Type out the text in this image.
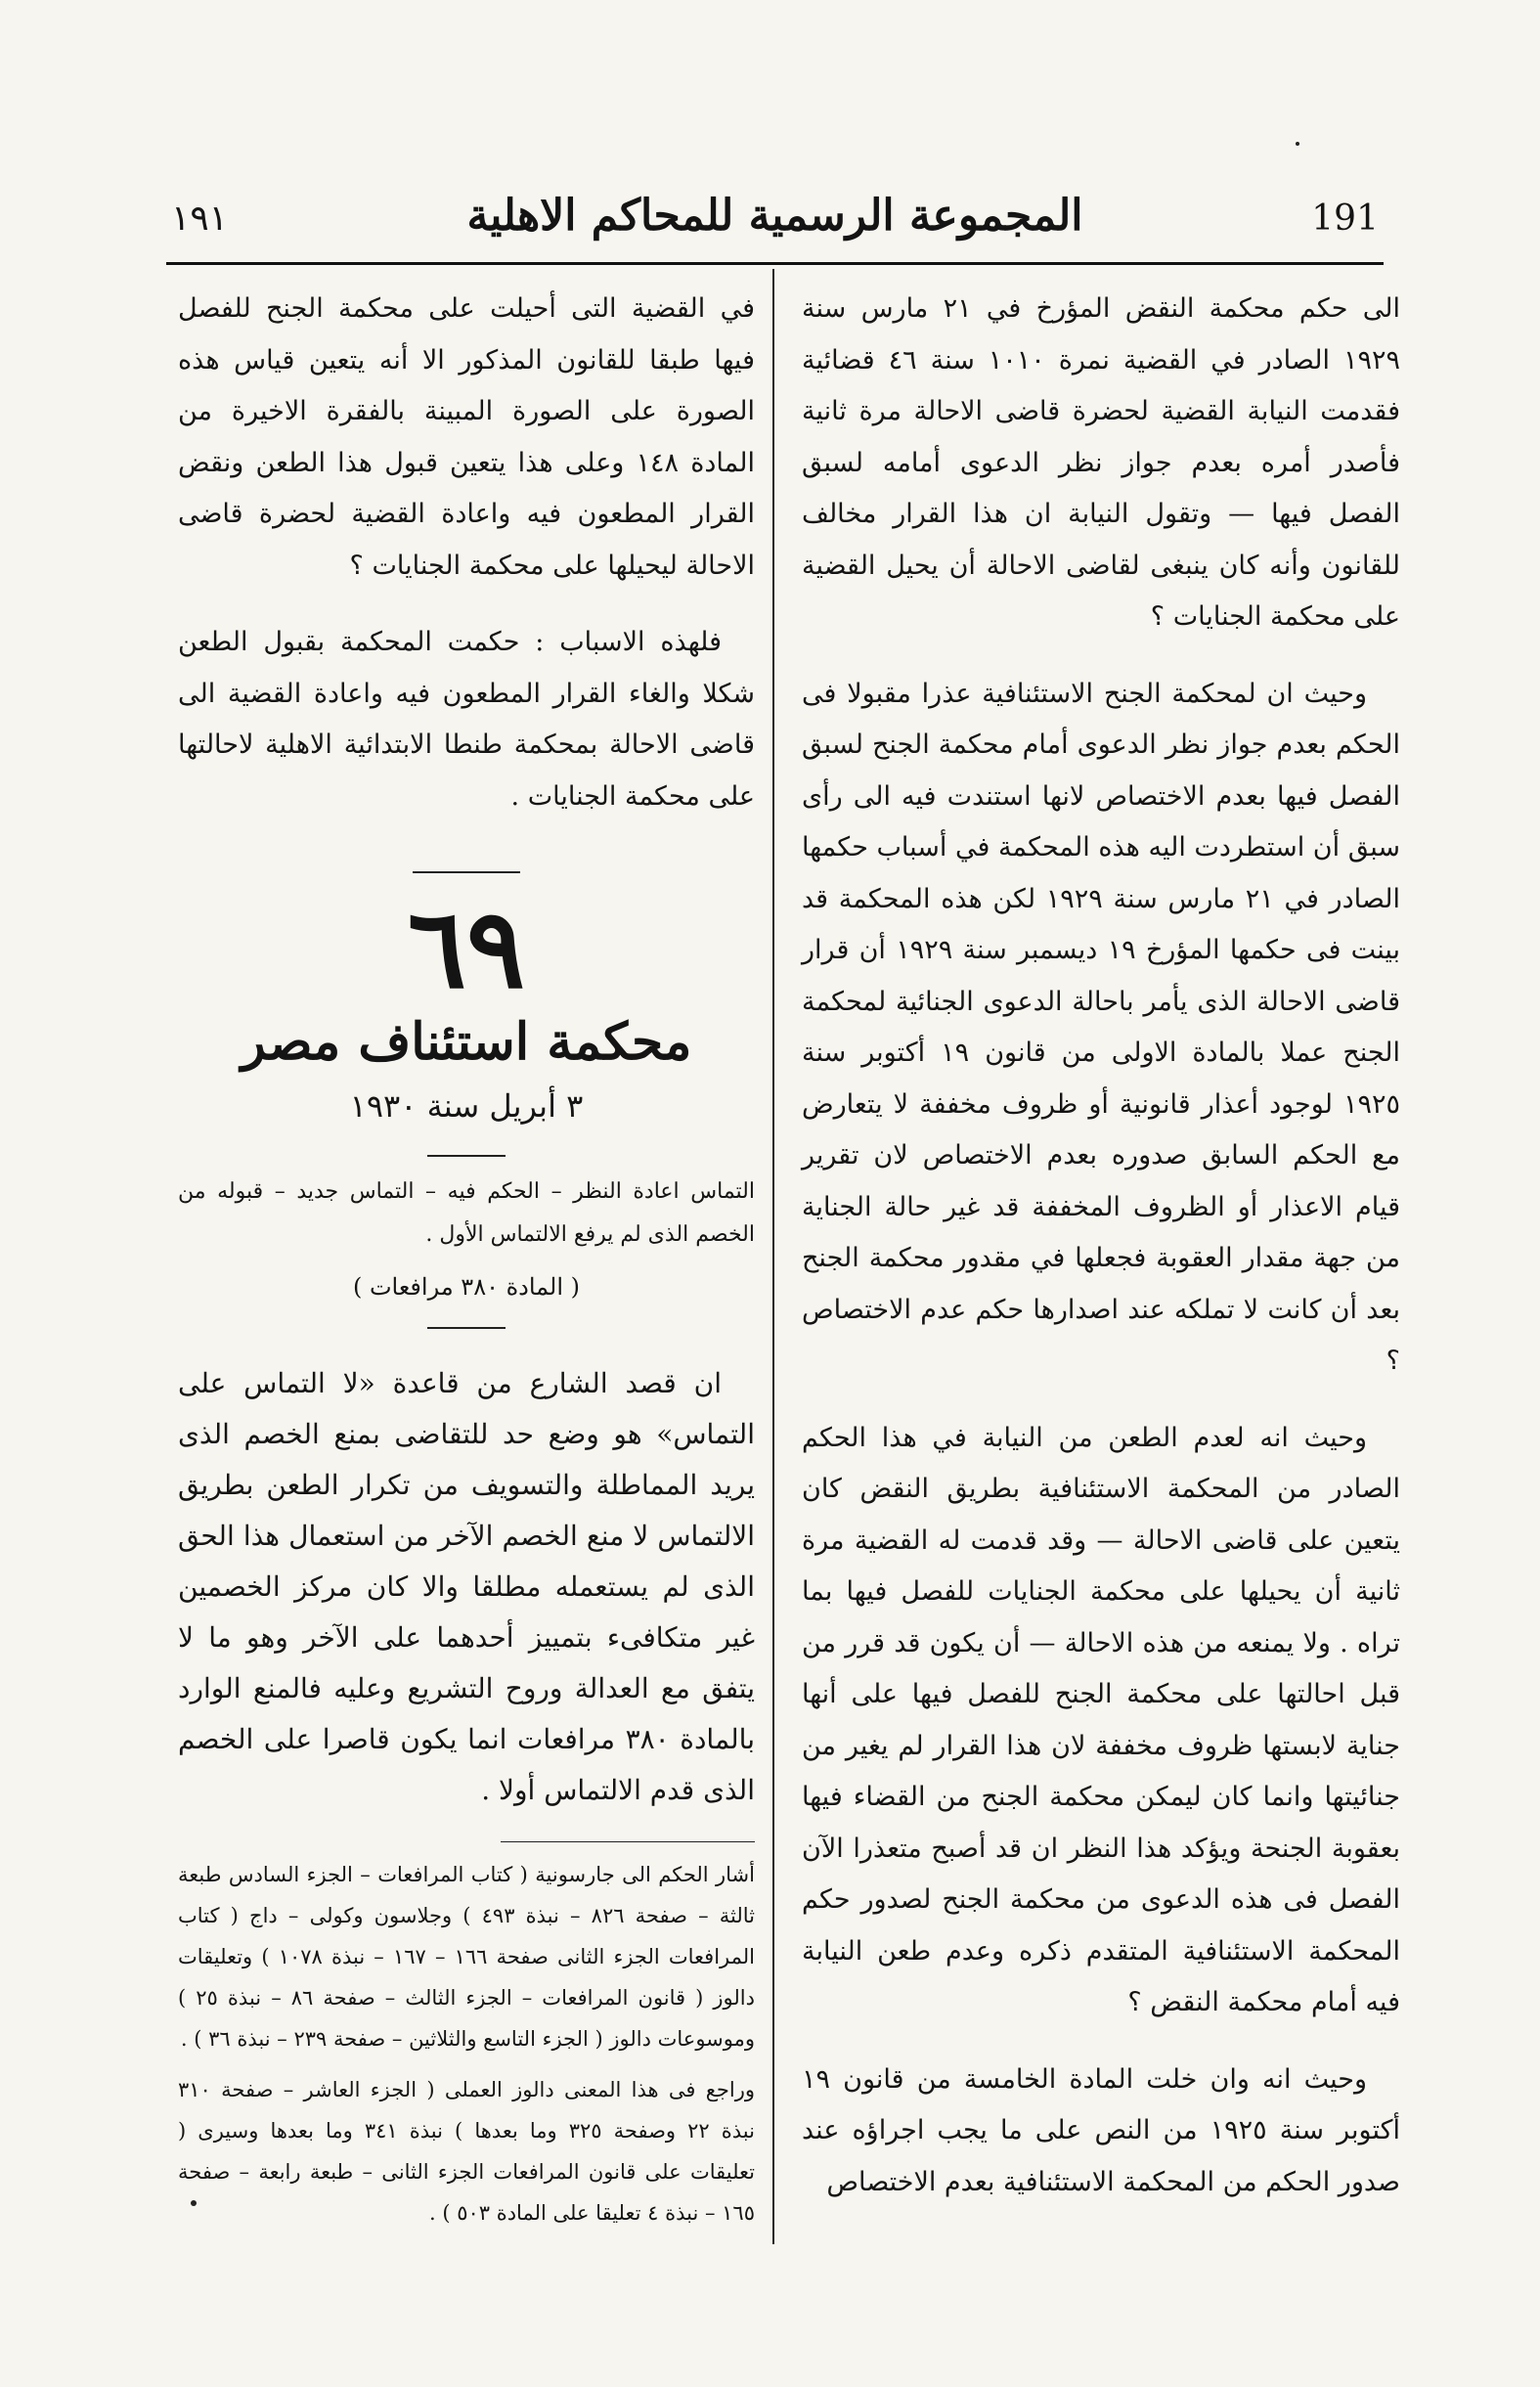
191
المجموعة الرسمية للمحاكم الاهلية
١٩١

الى حكم محكمة النقض المؤرخ في ٢١ مارس سنة ١٩٢٩ الصادر في القضية نمرة ١٠١٠ سنة ٤٦ قضائية فقدمت النيابة القضية لحضرة قاضى الاحالة مرة ثانية فأصدر أمره بعدم جواز نظر الدعوى أمامه لسبق الفصل فيها — وتقول النيابة ان هذا القرار مخالف للقانون وأنه كان ينبغى لقاضى الاحالة أن يحيل القضية على محكمة الجنايات ؟

وحيث ان لمحكمة الجنح الاستئنافية عذرا مقبولا فى الحكم بعدم جواز نظر الدعوى أمام محكمة الجنح لسبق الفصل فيها بعدم الاختصاص لانها استندت فيه الى رأى سبق أن استطردت اليه هذه المحكمة في أسباب حكمها الصادر في ٢١ مارس سنة ١٩٢٩ لكن هذه المحكمة قد بينت فى حكمها المؤرخ ١٩ ديسمبر سنة ١٩٢٩ أن قرار قاضى الاحالة الذى يأمر باحالة الدعوى الجنائية لمحكمة الجنح عملا بالمادة الاولى من قانون ١٩ أكتوبر سنة ١٩٢٥ لوجود أعذار قانونية أو ظروف مخففة لا يتعارض مع الحكم السابق صدوره بعدم الاختصاص لان تقرير قيام الاعذار أو الظروف المخففة قد غير حالة الجناية من جهة مقدار العقوبة فجعلها في مقدور محكمة الجنح بعد أن كانت لا تملكه عند اصدارها حكم عدم الاختصاص ؟

وحيث انه لعدم الطعن من النيابة في هذا الحكم الصادر من المحكمة الاستئنافية بطريق النقض كان يتعين على قاضى الاحالة — وقد قدمت له القضية مرة ثانية أن يحيلها على محكمة الجنايات للفصل فيها بما تراه . ولا يمنعه من هذه الاحالة — أن يكون قد قرر من قبل احالتها على محكمة الجنح للفصل فيها على أنها جناية لابستها ظروف مخففة لان هذا القرار لم يغير من جنائيتها وانما كان ليمكن محكمة الجنح من القضاء فيها بعقوبة الجنحة ويؤكد هذا النظر ان قد أصبح متعذرا الآن الفصل فى هذه الدعوى من محكمة الجنح لصدور حكم المحكمة الاستئنافية المتقدم ذكره وعدم طعن النيابة فيه أمام محكمة النقض ؟

وحيث انه وان خلت المادة الخامسة من قانون ١٩ أكتوبر سنة ١٩٢٥ من النص على ما يجب اجراؤه عند صدور الحكم من المحكمة الاستئنافية بعدم الاختصاص

في القضية التى أحيلت على محكمة الجنح للفصل فيها طبقا للقانون المذكور الا أنه يتعين قياس هذه الصورة على الصورة المبينة بالفقرة الاخيرة من المادة ١٤٨ وعلى هذا يتعين قبول هذا الطعن ونقض القرار المطعون فيه واعادة القضية لحضرة قاضى الاحالة ليحيلها على محكمة الجنايات ؟

فلهذه الاسباب : حكمت المحكمة بقبول الطعن شكلا والغاء القرار المطعون فيه واعادة القضية الى قاضى الاحالة بمحكمة طنطا الابتدائية الاهلية لاحالتها على محكمة الجنايات .

٦٩
محكمة استئناف مصر
٣ أبريل سنة ١٩٣٠
التماس اعادة النظر – الحكم فيه – التماس جديد – قبوله من الخصم الذى لم يرفع الالتماس الأول .
( المادة ٣٨٠ مرافعات )

ان قصد الشارع من قاعدة «لا التماس على التماس» هو وضع حد للتقاضى بمنع الخصم الذى يريد المماطلة والتسويف من تكرار الطعن بطريق الالتماس لا منع الخصم الآخر من استعمال هذا الحق الذى لم يستعمله مطلقا والا كان مركز الخصمين غير متكافىء بتمييز أحدهما على الآخر وهو ما لا يتفق مع العدالة وروح التشريع وعليه فالمنع الوارد بالمادة ٣٨٠ مرافعات انما يكون قاصرا على الخصم الذى قدم الالتماس أولا .

أشار الحكم الى جارسونية ( كتاب المرافعات – الجزء السادس طبعة ثالثة – صفحة ٨٢٦ – نبذة ٤٩٣ ) وجلاسون وكولى – داج ( كتاب المرافعات الجزء الثانى صفحة ١٦٦ – ١٦٧ – نبذة ١٠٧٨ ) وتعليقات دالوز ( قانون المرافعات – الجزء الثالث – صفحة ٨٦ – نبذة ٢٥ ) وموسوعات دالوز ( الجزء التاسع والثلاثين – صفحة ٢٣٩ – نبذة ٣٦ ) .
وراجع فى هذا المعنى دالوز العملى ( الجزء العاشر – صفحة ٣١٠ نبذة ٢٢ وصفحة ٣٢٥ وما بعدها ) نبذة ٣٤١ وما بعدها وسيرى ( تعليقات على قانون المرافعات الجزء الثانى – طبعة رابعة – صفحة ١٦٥ – نبذة ٤ تعليقا على المادة ٥٠٣ ) .
